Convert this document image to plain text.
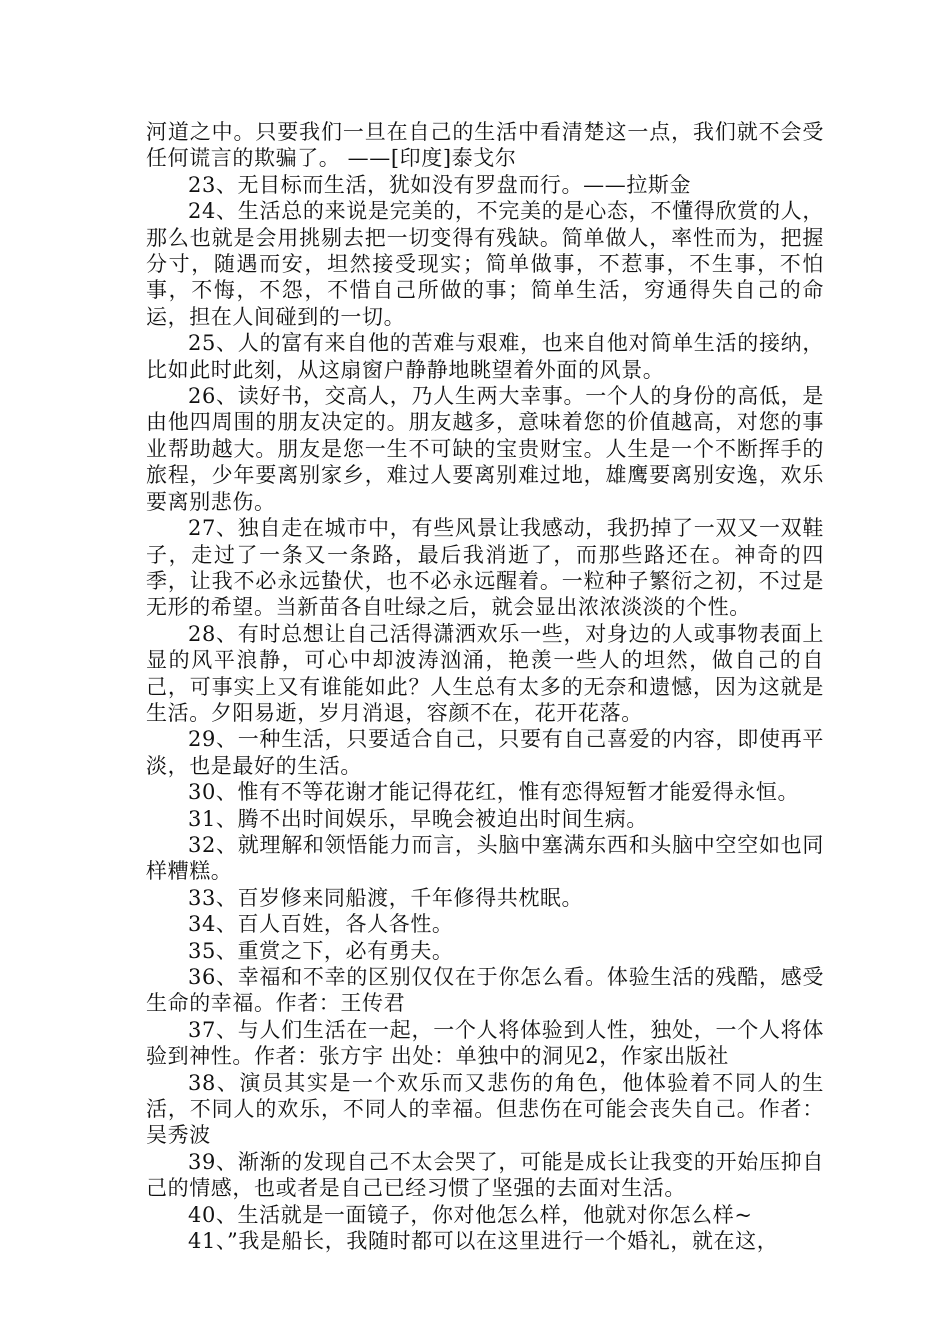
河道之中。只要我们一旦在自己的生活中看清楚这一点，我们就不会受任何谎言的欺骗了。 ——[印度]泰戈尔

23、无目标而生活，犹如没有罗盘而行。——拉斯金

24、生活总的来说是完美的，不完美的是心态，不懂得欣赏的人，那么也就是会用挑剔去把一切变得有残缺。简单做人，率性而为，把握分寸，随遇而安，坦然接受现实；简单做事，不惹事，不生事，不怕事，不悔，不怨，不惜自己所做的事；简单生活，穷通得失自己的命运，担在人间碰到的一切。

25、人的富有来自他的苦难与艰难，也来自他对简单生活的接纳，比如此时此刻，从这扇窗户静静地眺望着外面的风景。

26、读好书，交高人，乃人生两大幸事。一个人的身份的高低，是由他四周围的朋友决定的。朋友越多，意味着您的价值越高，对您的事业帮助越大。朋友是您一生不可缺的宝贵财宝。人生是一个不断挥手的旅程，少年要离别家乡，难过人要离别难过地，雄鹰要离别安逸，欢乐要离别悲伤。

27、独自走在城市中，有些风景让我感动，我扔掉了一双又一双鞋子，走过了一条又一条路，最后我消逝了，而那些路还在。神奇的四季，让我不必永远蛰伏，也不必永远醒着。一粒种子繁衍之初，不过是无形的希望。当新苗各自吐绿之后，就会显出浓浓淡淡的个性。

28、有时总想让自己活得潇洒欢乐一些，对身边的人或事物表面上显的风平浪静，可心中却波涛汹涌，艳羡一些人的坦然，做自己的自己，可事实上又有谁能如此？人生总有太多的无奈和遗憾，因为这就是生活。夕阳易逝，岁月消退，容颜不在，花开花落。

29、一种生活，只要适合自己，只要有自己喜爱的内容，即使再平淡，也是最好的生活。

30、惟有不等花谢才能记得花红，惟有恋得短暂才能爱得永恒。

31、腾不出时间娱乐，早晚会被迫出时间生病。

32、就理解和领悟能力而言，头脑中塞满东西和头脑中空空如也同样糟糕。

33、百岁修来同船渡，千年修得共枕眠。

34、百人百姓，各人各性。

35、重赏之下，必有勇夫。

36、幸福和不幸的区别仅仅在于你怎么看。体验生活的残酷，感受生命的幸福。作者：王传君

37、与人们生活在一起，一个人将体验到人性，独处，一个人将体验到神性。作者：张方宇 出处：单独中的洞见2，作家出版社

38、演员其实是一个欢乐而又悲伤的角色，他体验着不同人的生活，不同人的欢乐，不同人的幸福。但悲伤在可能会丧失自己。作者：吴秀波

39、渐渐的发现自己不太会哭了，可能是成长让我变的开始压抑自己的情感，也或者是自己已经习惯了坚强的去面对生活。

40、生活就是一面镜子，你对他怎么样，他就对你怎么样~

41、”我是船长，我随时都可以在这里进行一个婚礼，就在这，
